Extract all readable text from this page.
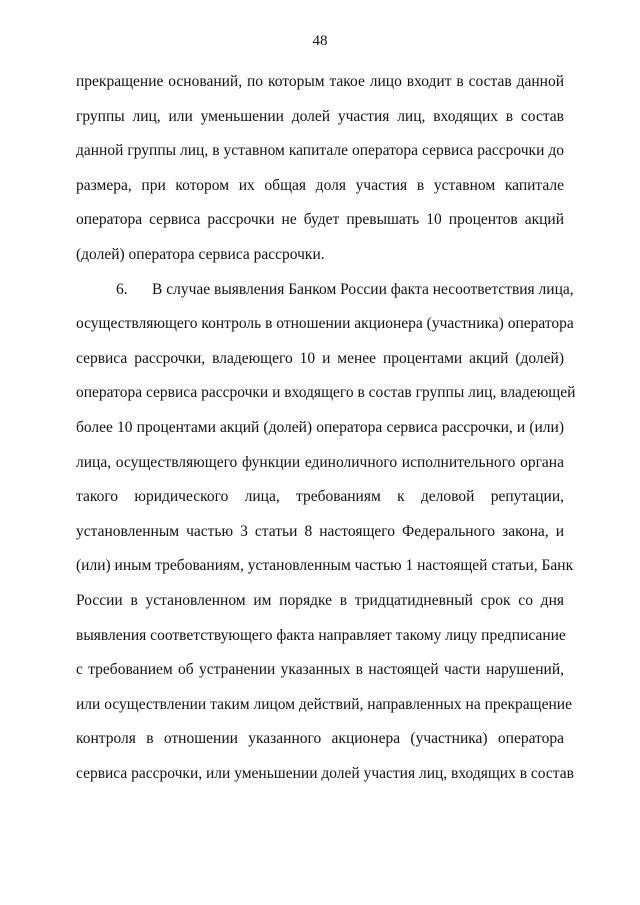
48
прекращение оснований, по которым такое лицо входит в состав данной
группы лиц, или уменьшении долей участия лиц, входящих в состав
данной группы лиц, в уставном капитале оператора сервиса рассрочки до
размера, при котором их общая доля участия в уставном капитале
оператора сервиса рассрочки не будет превышать 10 процентов акций
(долей) оператора сервиса рассрочки.
6. В случае выявления Банком России факта несоответствия лица,
осуществляющего контроль в отношении акционера (участника) оператора
сервиса рассрочки, владеющего 10 и менее процентами акций (долей)
оператора сервиса рассрочки и входящего в состав группы лиц, владеющей
более 10 процентами акций (долей) оператора сервиса рассрочки, и (или)
лица, осуществляющего функции единоличного исполнительного органа
такого юридического лица, требованиям к деловой репутации,
установленным частью 3 статьи 8 настоящего Федерального закона, и
(или) иным требованиям, установленным частью 1 настоящей статьи, Банк
России в установленном им порядке в тридцатидневный срок со дня
выявления соответствующего факта направляет такому лицу предписание
с требованием об устранении указанных в настоящей части нарушений,
или осуществлении таким лицом действий, направленных на прекращение
контроля в отношении указанного акционера (участника) оператора
сервиса рассрочки, или уменьшении долей участия лиц, входящих в состав
